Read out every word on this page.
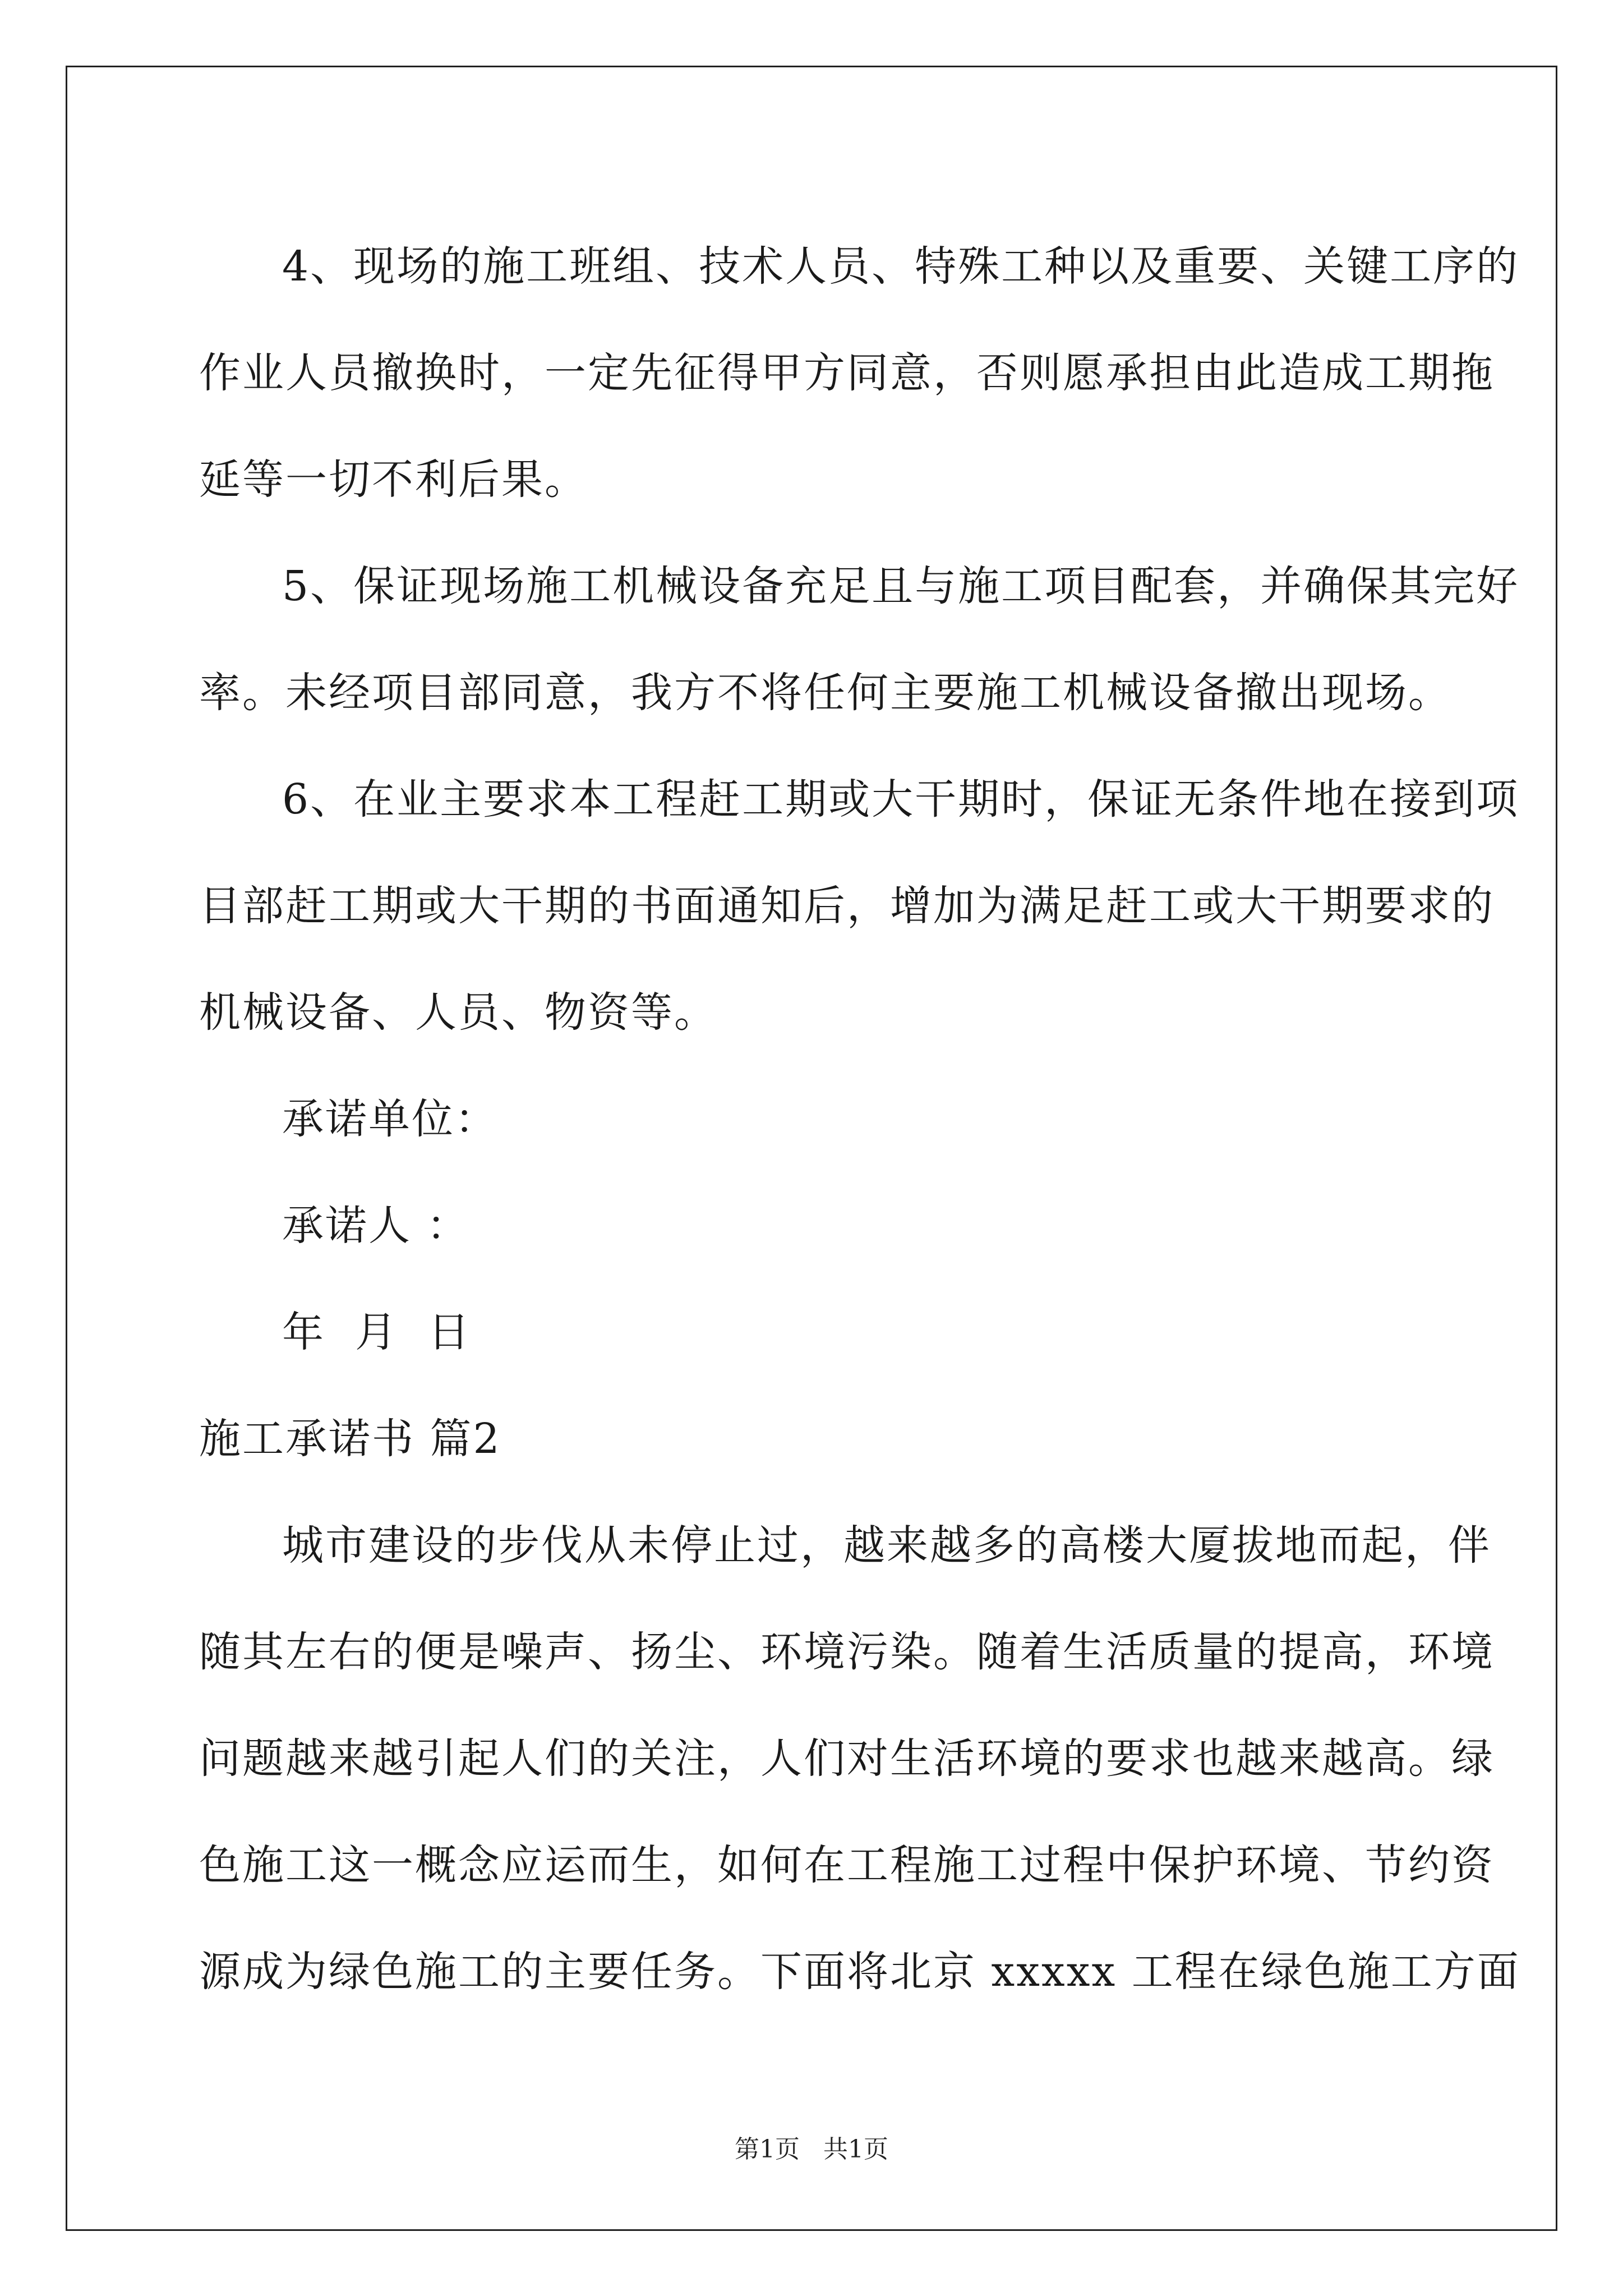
4、现场的施工班组、技术人员、特殊工种以及重要、关键工序的
作业人员撤换时，一定先征得甲方同意，否则愿承担由此造成工期拖
延等一切不利后果。
5、保证现场施工机械设备充足且与施工项目配套，并确保其完好
率。未经项目部同意，我方不将任何主要施工机械设备撤出现场。
6、在业主要求本工程赶工期或大干期时，保证无条件地在接到项
目部赶工期或大干期的书面通知后，增加为满足赶工或大干期要求的
机械设备、人员、物资等。
承诺单位：
承诺人 ：
年  月  日
施工承诺书 篇2
城市建设的步伐从未停止过，越来越多的高楼大厦拔地而起，伴
随其左右的便是噪声、扬尘、环境污染。随着生活质量的提高，环境
问题越来越引起人们的关注，人们对生活环境的要求也越来越高。绿
色施工这一概念应运而生，如何在工程施工过程中保护环境、节约资
源成为绿色施工的主要任务。下面将北京 xxxxx 工程在绿色施工方面
第1页   共1页
